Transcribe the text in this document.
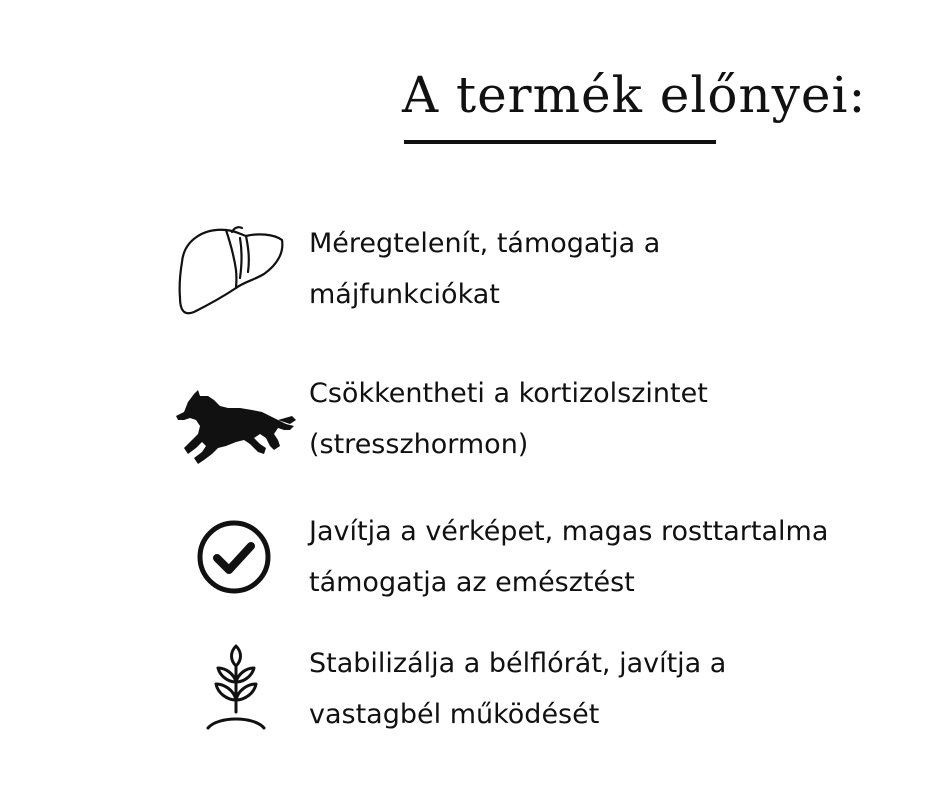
A termék előnyei:
Méregtelenít, támogatja a
májfunkciókat
Csökkentheti a kortizolszintet
(stresszhormon)
Javítja a vérképet, magas rosttartalma
támogatja az emésztést
Stabilizálja a bélflórát, javítja a
vastagbél működését
